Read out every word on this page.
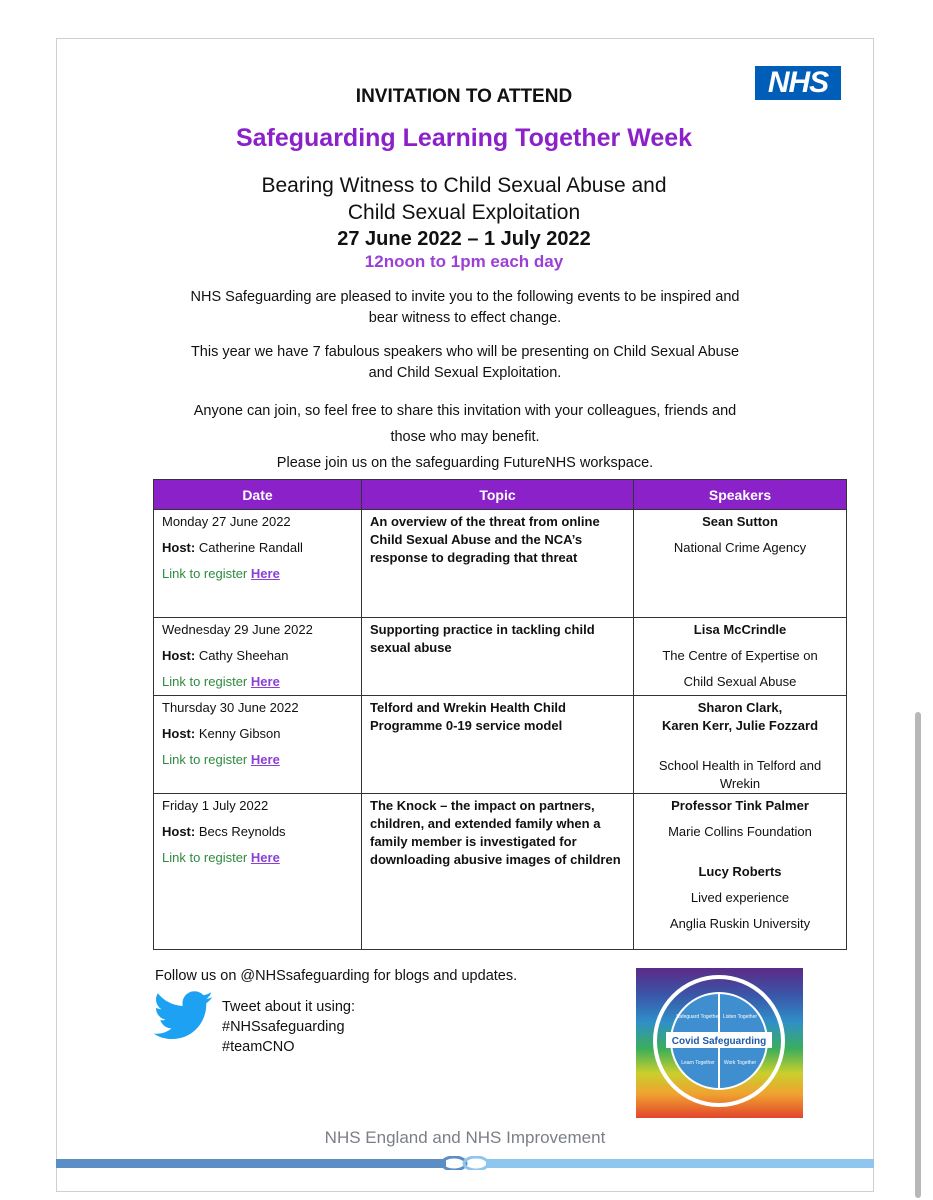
NHS
INVITATION TO ATTEND
Safeguarding Learning Together Week
Bearing Witness to Child Sexual Abuse and
Child Sexual Exploitation
27 June 2022 – 1 July 2022
12noon to 1pm each day
NHS Safeguarding are pleased to invite you to the following events to be inspired and
bear witness to effect change.
This year we have 7 fabulous speakers who will be presenting on Child Sexual Abuse
and Child Sexual Exploitation.
Anyone can join, so feel free to share this invitation with your colleagues, friends and
those who may benefit.
Please join us on the safeguarding FutureNHS workspace.
Date	Topic	Speakers

Monday 27 June 2022
Host: Catherine Randall
Link to register Here	An overview of the threat from online Child Sexual Abuse and the NCA’s response to degrading that threat	Sean Sutton
National Crime Agency

Wednesday 29 June 2022
Host: Cathy Sheehan
Link to register Here	Supporting practice in tackling child sexual abuse	Lisa McCrindle
The Centre of Expertise on
Child Sexual Abuse

Thursday 30 June 2022
Host: Kenny Gibson
Link to register Here	Telford and Wrekin Health Child Programme 0-19 service model	Sharon Clark,
Karen Kerr, Julie Fozzard
School Health in Telford and
Wrekin

Friday 1 July 2022
Host: Becs Reynolds
Link to register Here	The Knock – the impact on partners, children, and extended family when a family member is investigated for downloading abusive images of children	Professor Tink Palmer
Marie Collins Foundation
Lucy Roberts
Lived experience
Anglia Ruskin University
Follow us on @NHSsafeguarding for blogs and updates.
Tweet about it using:
#NHSsafeguarding
#teamCNO	Covid Safeguarding
Safeguard Together Listen Together
Learn Together Work Together
NHS England and NHS Improvement
